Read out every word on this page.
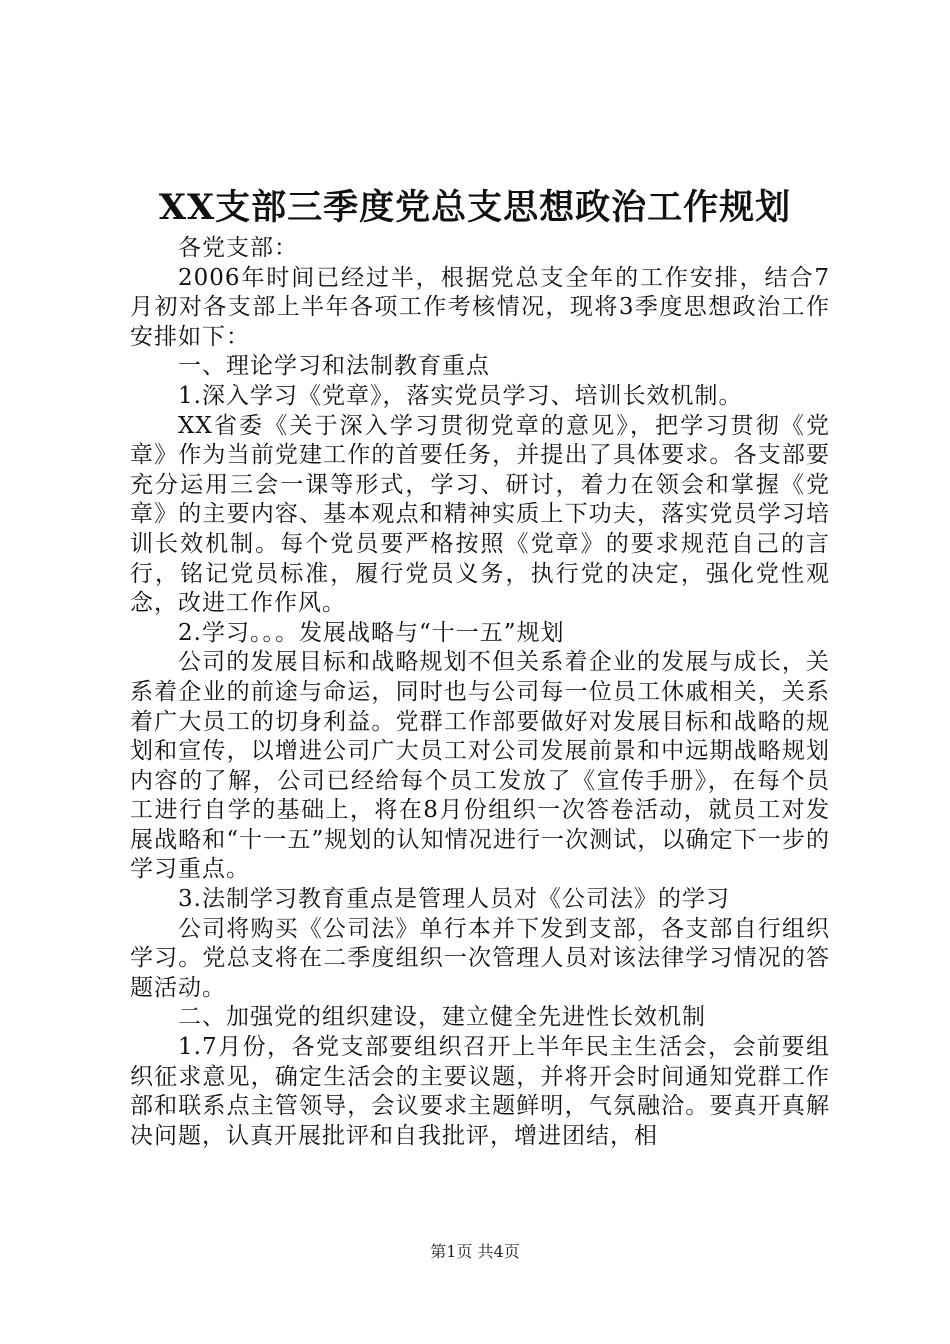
XX支部三季度党总支思想政治工作规划

各党支部：

2006年时间已经过半，根据党总支全年的工作安排，结合7月初对各支部上半年各项工作考核情况，现将3季度思想政治工作安排如下：

一、理论学习和法制教育重点

1.深入学习《党章》，落实党员学习、培训长效机制。

XX省委《关于深入学习贯彻党章的意见》，把学习贯彻《党章》作为当前党建工作的首要任务，并提出了具体要求。各支部要充分运用三会一课等形式，学习、研讨，着力在领会和掌握《党章》的主要内容、基本观点和精神实质上下功夫，落实党员学习培训长效机制。每个党员要严格按照《党章》的要求规范自己的言行，铭记党员标准，履行党员义务，执行党的决定，强化党性观念，改进工作作风。

2.学习。。。发展战略与“十一五”规划

公司的发展目标和战略规划不但关系着企业的发展与成长，关系着企业的前途与命运，同时也与公司每一位员工休戚相关，关系着广大员工的切身利益。党群工作部要做好对发展目标和战略的规划和宣传，以增进公司广大员工对公司发展前景和中远期战略规划内容的了解，公司已经给每个员工发放了《宣传手册》，在每个员工进行自学的基础上，将在8月份组织一次答卷活动，就员工对发展战略和“十一五”规划的认知情况进行一次测试，以确定下一步的学习重点。

3.法制学习教育重点是管理人员对《公司法》的学习

公司将购买《公司法》单行本并下发到支部，各支部自行组织学习。党总支将在二季度组织一次管理人员对该法律学习情况的答题活动。

二、加强党的组织建设，建立健全先进性长效机制

1.7月份，各党支部要组织召开上半年民主生活会，会前要组织征求意见，确定生活会的主要议题，并将开会时间通知党群工作部和联系点主管领导，会议要求主题鲜明，气氛融洽。要真开真解决问题，认真开展批评和自我批评，增进团结，相

第1页 共4页
